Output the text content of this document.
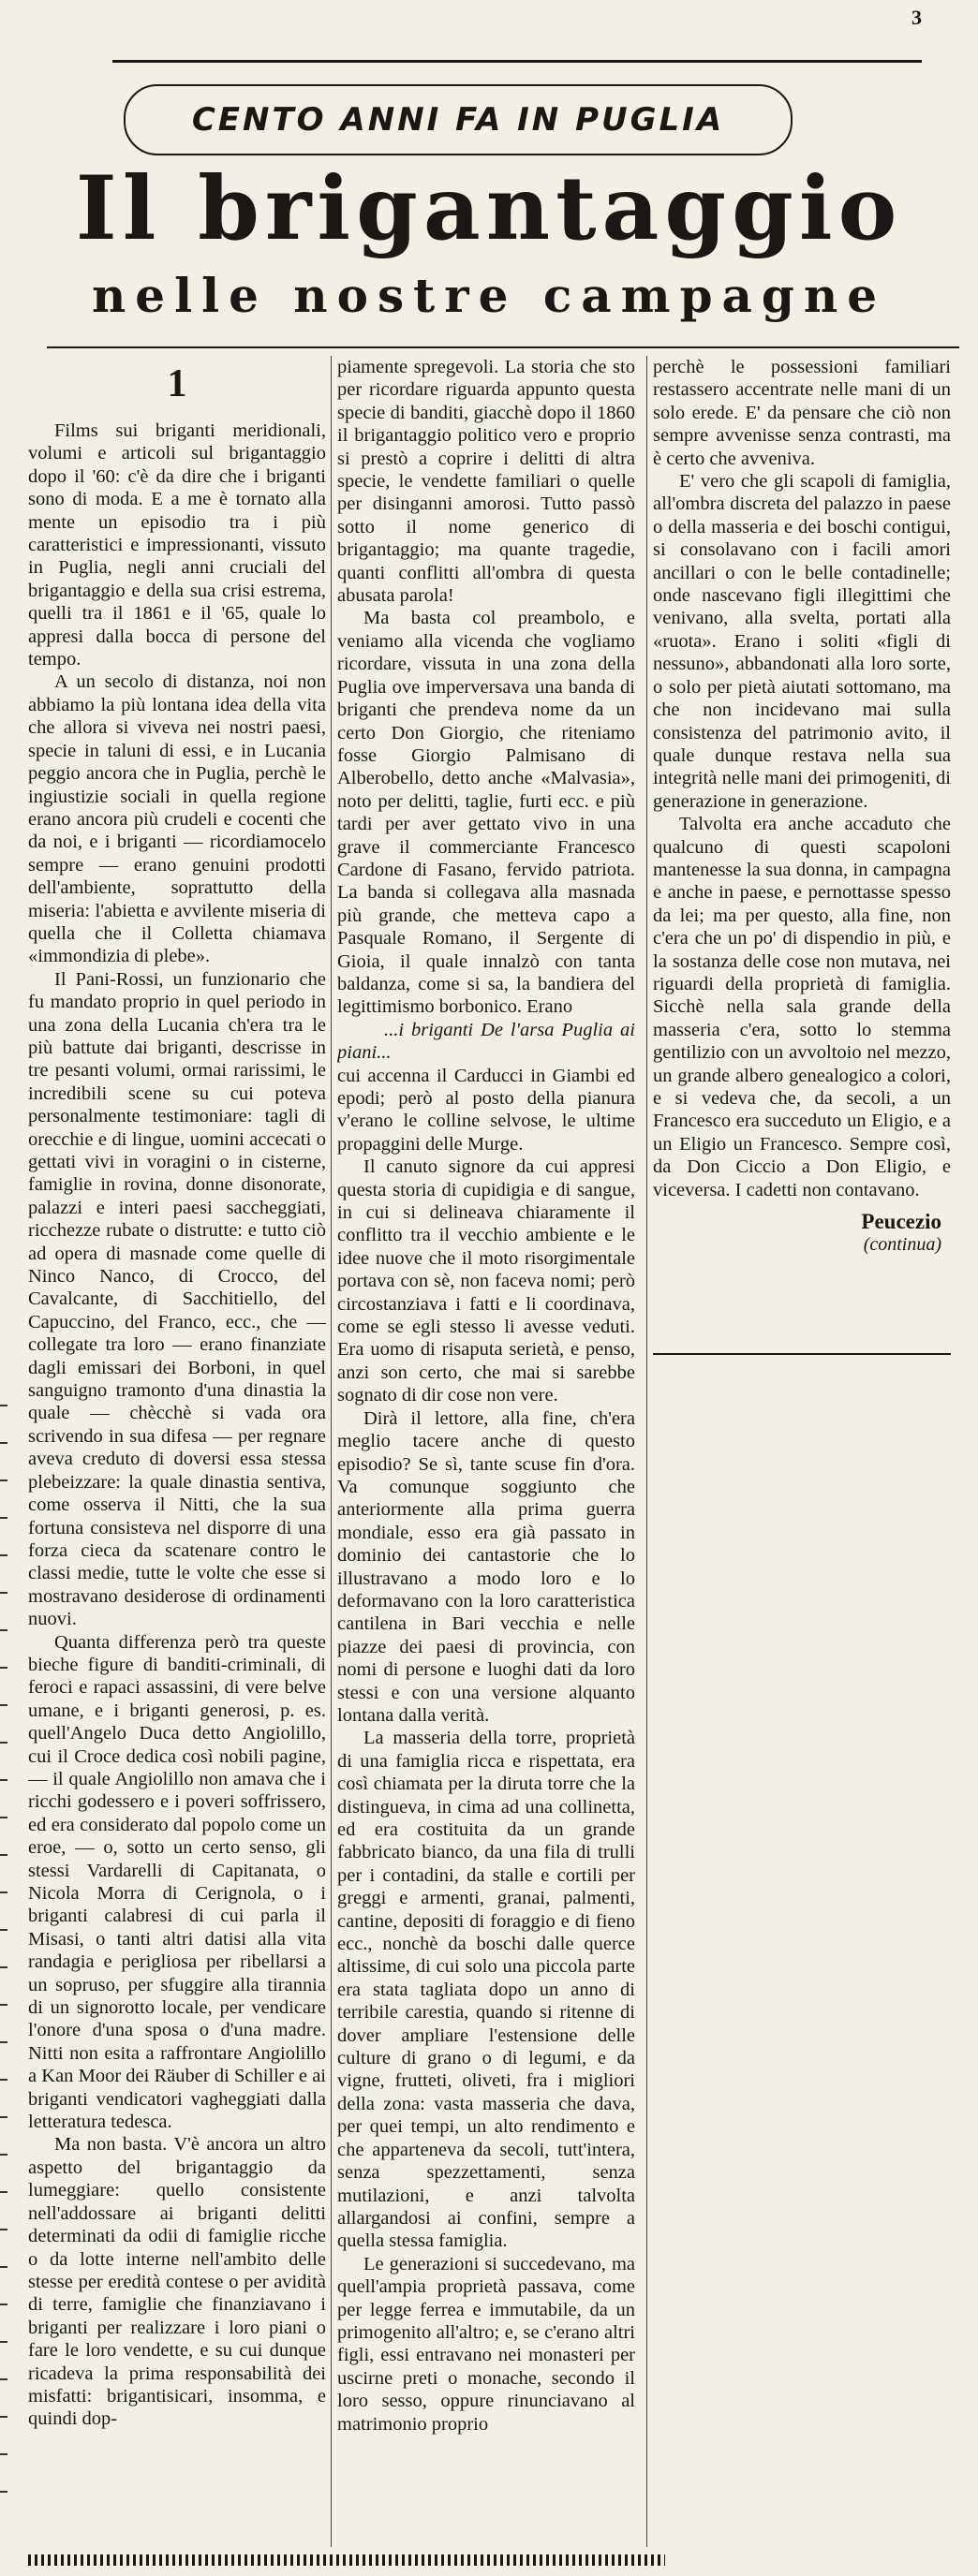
3
CENTO ANNI FA IN PUGLIA
Il brigantaggio
nelle nostre campagne
1

Films sui briganti meridionali, volumi e articoli sul brigantaggio dopo il '60: c'è da dire che i briganti sono di moda. E a me è tornato alla mente un episodio tra i più caratteristici e impressionanti, vissuto in Puglia, negli anni cruciali del brigantaggio e della sua crisi estrema, quelli tra il 1861 e il '65, quale lo appresi dalla bocca di persone del tempo.

A un secolo di distanza, noi non abbiamo la più lontana idea della vita che allora si viveva nei nostri paesi, specie in taluni di essi, e in Lucania peggio ancora che in Puglia, perchè le ingiustizie sociali in quella regione erano ancora più crudeli e cocenti che da noi, e i briganti — ricordiamocelo sempre — erano genuini prodotti dell'ambiente, soprattutto della miseria: l'abietta e avvilente miseria di quella che il Colletta chiamava «immondizia di plebe».

Il Pani-Rossi, un funzionario che fu mandato proprio in quel periodo in una zona della Lucania ch'era tra le più battute dai briganti, descrisse in tre pesanti volumi, ormai rarissimi, le incredibili scene su cui poteva personalmente testimoniare: tagli di orecchie e di lingue, uomini accecati o gettati vivi in voragini o in cisterne, famiglie in rovina, donne disonorate, palazzi e interi paesi saccheggiati, ricchezze rubate o distrutte: e tutto ciò ad opera di masnade come quelle di Ninco Nanco, di Crocco, del Cavalcante, di Sacchitiello, del Capuccino, del Franco, ecc., che — collegate tra loro — erano finanziate dagli emissari dei Borboni, in quel sanguigno tramonto d'una dinastia la quale — chècchè si vada ora scrivendo in sua difesa — per regnare aveva creduto di doversi essa stessa plebeizzare: la quale dinastia sentiva, come osserva il Nitti, che la sua fortuna consisteva nel disporre di una forza cieca da scatenare contro le classi medie, tutte le volte che esse si mostravano desiderose di ordinamenti nuovi.

Quanta differenza però tra queste bieche figure di banditi-criminali, di feroci e rapaci assassini, di vere belve umane, e i briganti generosi, p. es. quell'Angelo Duca detto Angiolillo, cui il Croce dedica così nobili pagine, — il quale Angiolillo non amava che i ricchi godessero e i poveri soffrissero, ed era considerato dal popolo come un eroe, — o, sotto un certo senso, gli stessi Vardarelli di Capitanata, o Nicola Morra di Cerignola, o i briganti calabresi di cui parla il Misasi, o tanti altri datisi alla vita randagia e perigliosa per ribellarsi a un sopruso, per sfuggire alla tirannia di un signorotto locale, per vendicare l'onore d'una sposa o d'una madre. Nitti non esita a raffrontare Angiolillo a Kan Moor dei Räuber di Schiller e ai briganti vendicatori vagheggiati dalla letteratura tedesca.

Ma non basta. V'è ancora un altro aspetto del brigantaggio da lumeggiare: quello consistente nell'addossare ai briganti delitti determinati da odii di famiglie ricche o da lotte interne nell'ambito delle stesse per eredità contese o per avidità di terre, famiglie che finanziavano i briganti per realizzare i loro piani o fare le loro vendette, e su cui dunque ricadeva la prima responsabilità dei misfatti: brigantisicari, insomma, e quindi dop-

piamente spregevoli. La storia che sto per ricordare riguarda appunto questa specie di banditi, giacchè dopo il 1860 il brigantaggio politico vero e proprio si prestò a coprire i delitti di altra specie, le vendette familiari o quelle per disinganni amorosi. Tutto passò sotto il nome generico di brigantaggio; ma quante tragedie, quanti conflitti all'ombra di questa abusata parola!

Ma basta col preambolo, e veniamo alla vicenda che vogliamo ricordare, vissuta in una zona della Puglia ove imperversava una banda di briganti che prendeva nome da un certo Don Giorgio, che riteniamo fosse Giorgio Palmisano di Alberobello, detto anche «Malvasia», noto per delitti, taglie, furti ecc. e più tardi per aver gettato vivo in una grave il commerciante Francesco Cardone di Fasano, fervido patriota. La banda si collegava alla masnada più grande, che metteva capo a Pasquale Romano, il Sergente di Gioia, il quale innalzò con tanta baldanza, come si sa, la bandiera del legittimismo borbonico. Erano

...i briganti De l'arsa Puglia ai piani...

cui accenna il Carducci in Giambi ed epodi; però al posto della pianura v'erano le colline selvose, le ultime propaggini delle Murge.

Il canuto signore da cui appresi questa storia di cupidigia e di sangue, in cui si delineava chiaramente il conflitto tra il vecchio ambiente e le idee nuove che il moto risorgimentale portava con sè, non faceva nomi; però circostanziava i fatti e li coordinava, come se egli stesso li avesse veduti. Era uomo di risaputa serietà, e penso, anzi son certo, che mai si sarebbe sognato di dir cose non vere.

Dirà il lettore, alla fine, ch'era meglio tacere anche di questo episodio? Se sì, tante scuse fin d'ora. Va comunque soggiunto che anteriormente alla prima guerra mondiale, esso era già passato in dominio dei cantastorie che lo illustravano a modo loro e lo deformavano con la loro caratteristica cantilena in Bari vecchia e nelle piazze dei paesi di provincia, con nomi di persone e luoghi dati da loro stessi e con una versione alquanto lontana dalla verità.

La masseria della torre, proprietà di una famiglia ricca e rispettata, era così chiamata per la diruta torre che la distingueva, in cima ad una collinetta, ed era costituita da un grande fabbricato bianco, da una fila di trulli per i contadini, da stalle e cortili per greggi e armenti, granai, palmenti, cantine, depositi di foraggio e di fieno ecc., nonchè da boschi dalle querce altissime, di cui solo una piccola parte era stata tagliata dopo un anno di terribile carestia, quando si ritenne di dover ampliare l'estensione delle culture di grano o di legumi, e da vigne, frutteti, oliveti, fra i migliori della zona: vasta masseria che dava, per quei tempi, un alto rendimento e che apparteneva da secoli, tutt'intera, senza spezzettamenti, senza mutilazioni, e anzi talvolta allargandosi ai confini, sempre a quella stessa famiglia.

Le generazioni si succedevano, ma quell'ampia proprietà passava, come per legge ferrea e immutabile, da un primogenito all'altro; e, se c'erano altri figli, essi entravano nei monasteri per uscirne preti o monache, secondo il loro sesso, oppure rinunciavano al matrimonio proprio

perchè le possessioni familiari restassero accentrate nelle mani di un solo erede. E' da pensare che ciò non sempre avvenisse senza contrasti, ma è certo che avveniva.

E' vero che gli scapoli di famiglia, all'ombra discreta del palazzo in paese o della masseria e dei boschi contigui, si consolavano con i facili amori ancillari o con le belle contadinelle; onde nascevano figli illegittimi che venivano, alla svelta, portati alla «ruota». Erano i soliti «figli di nessuno», abbandonati alla loro sorte, o solo per pietà aiutati sottomano, ma che non incidevano mai sulla consistenza del patrimonio avito, il quale dunque restava nella sua integrità nelle mani dei primogeniti, di generazione in generazione.

Talvolta era anche accaduto che qualcuno di questi scapoloni mantenesse la sua donna, in campagna e anche in paese, e pernottasse spesso da lei; ma per questo, alla fine, non c'era che un po' di dispendio in più, e la sostanza delle cose non mutava, nei riguardi della proprietà di famiglia. Sicchè nella sala grande della masseria c'era, sotto lo stemma gentilizio con un avvoltoio nel mezzo, un grande albero genealogico a colori, e si vedeva che, da secoli, a un Francesco era succeduto un Eligio, e a un Eligio un Francesco. Sempre così, da Don Ciccio a Don Eligio, e viceversa. I cadetti non contavano.

Peucezio
(continua)
